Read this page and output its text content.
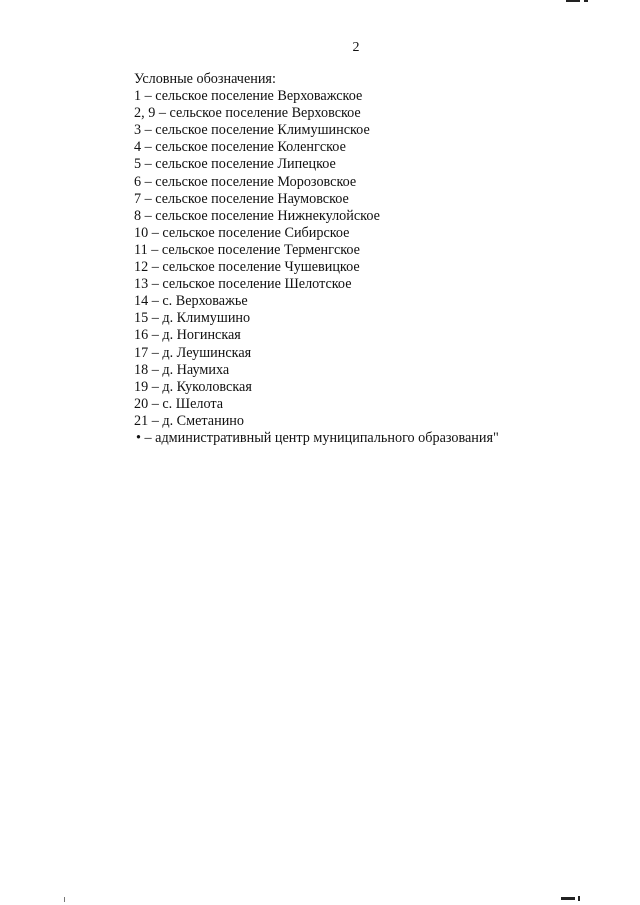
2
Условные обозначения:
1 – сельское поселение Верховажское
2, 9 – сельское поселение Верховское
3 – сельское поселение Климушинское
4 – сельское поселение Коленгское
5 – сельское поселение Липецкое
6 – сельское поселение Морозовское
7 – сельское поселение Наумовское
8 – сельское поселение Нижнекулойское
10 – сельское поселение Сибирское
11 – сельское поселение Терменгское
12 – сельское поселение Чушевицкое
13 – сельское поселение Шелотское
14 – с. Верховажье
15 – д. Климушино
16 – д. Ногинская
17 – д. Леушинская
18 – д. Наумиха
19 – д. Куколовская
20 – с. Шелота
21 – д. Сметанино
• – административный центр муниципального образования"
